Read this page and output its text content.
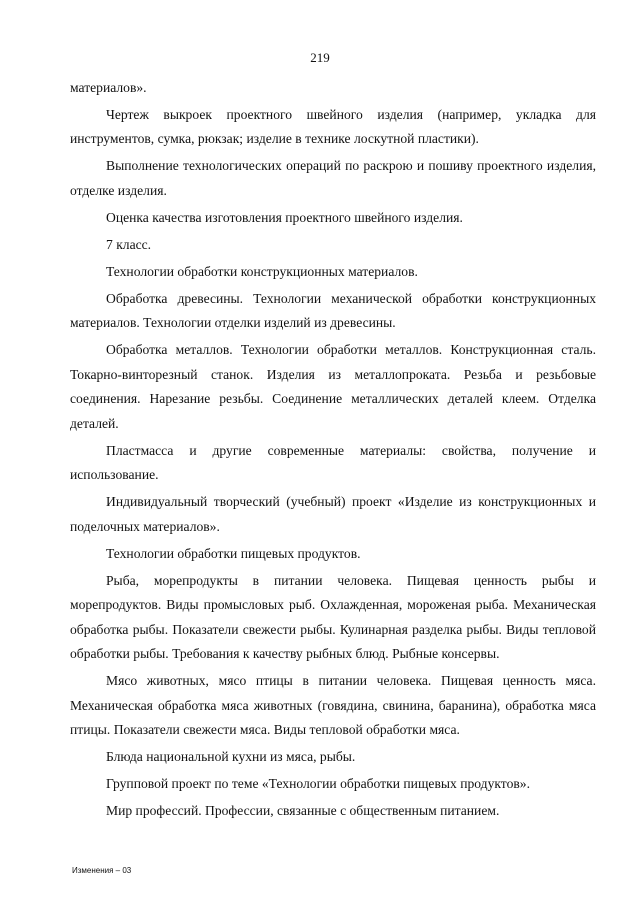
219

материалов».

Чертеж выкроек проектного швейного изделия (например, укладка для инструментов, сумка, рюкзак; изделие в технике лоскутной пластики).

Выполнение технологических операций по раскрою и пошиву проектного изделия, отделке изделия.

Оценка качества изготовления проектного швейного изделия.

7 класс.

Технологии обработки конструкционных материалов.

Обработка древесины. Технологии механической обработки конструкционных материалов. Технологии отделки изделий из древесины.

Обработка металлов. Технологии обработки металлов. Конструкционная сталь. Токарно-винторезный станок. Изделия из металлопроката. Резьба и резьбовые соединения. Нарезание резьбы. Соединение металлических деталей клеем. Отделка деталей.

Пластмасса и другие современные материалы: свойства, получение и использование.

Индивидуальный творческий (учебный) проект «Изделие из конструкционных и поделочных материалов».

Технологии обработки пищевых продуктов.

Рыба, морепродукты в питании человека. Пищевая ценность рыбы и морепродуктов. Виды промысловых рыб. Охлажденная, мороженая рыба. Механическая обработка рыбы. Показатели свежести рыбы. Кулинарная разделка рыбы. Виды тепловой обработки рыбы. Требования к качеству рыбных блюд. Рыбные консервы.

Мясо животных, мясо птицы в питании человека. Пищевая ценность мяса. Механическая обработка мяса животных (говядина, свинина, баранина), обработка мяса птицы. Показатели свежести мяса. Виды тепловой обработки мяса.

Блюда национальной кухни из мяса, рыбы.

Групповой проект по теме «Технологии обработки пищевых продуктов».

Мир профессий. Профессии, связанные с общественным питанием.

Изменения – 03
